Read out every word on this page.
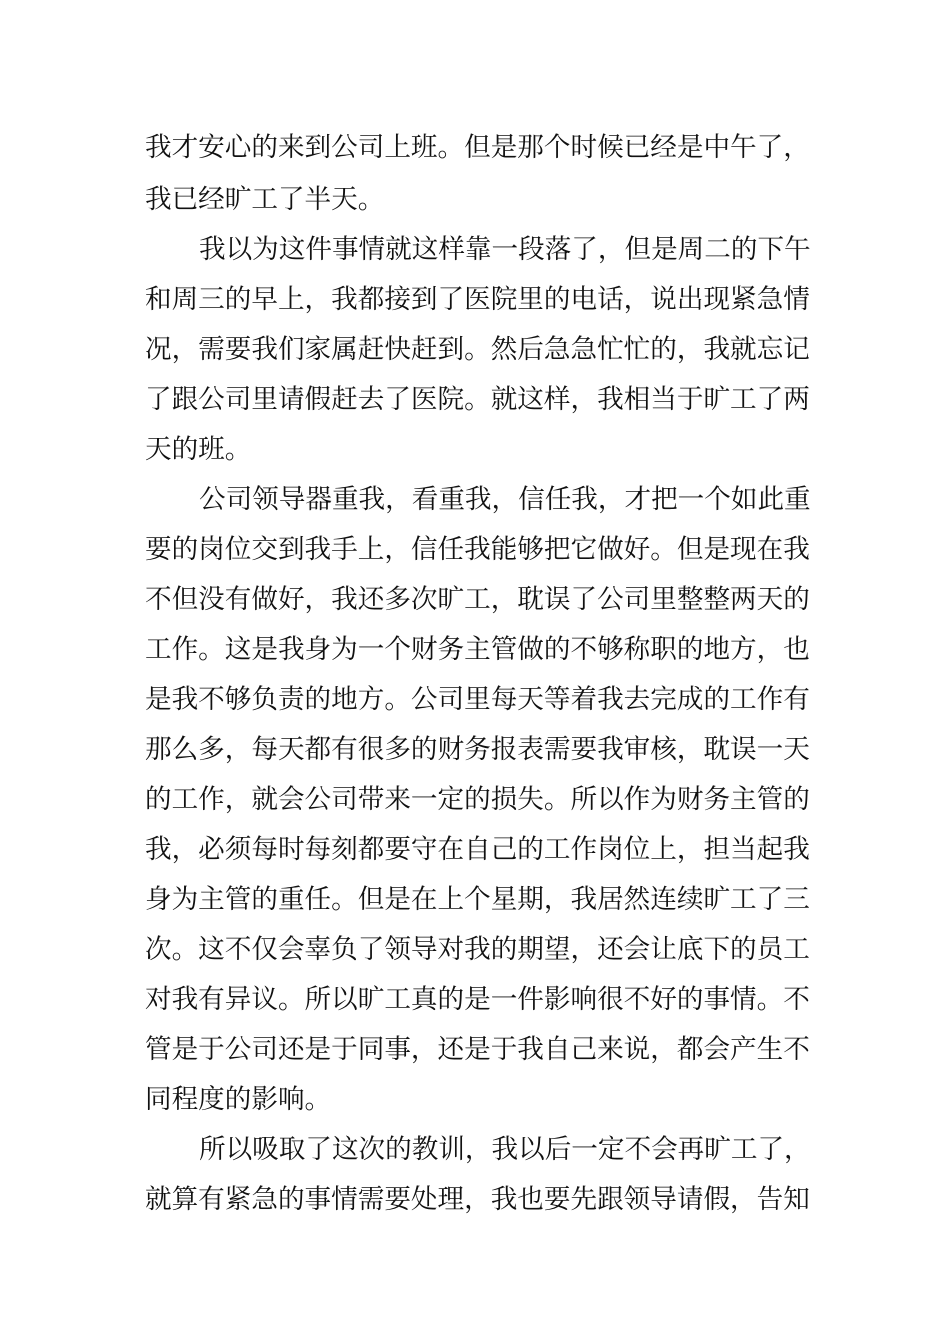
我才安心的来到公司上班。但是那个时候已经是中午了，
我已经旷工了半天。
我以为这件事情就这样靠一段落了，但是周二的下午
和周三的早上，我都接到了医院里的电话，说出现紧急情
况，需要我们家属赶快赶到。然后急急忙忙的，我就忘记
了跟公司里请假赶去了医院。就这样，我相当于旷工了两
天的班。
公司领导器重我，看重我，信任我，才把一个如此重
要的岗位交到我手上，信任我能够把它做好。但是现在我
不但没有做好，我还多次旷工，耽误了公司里整整两天的
工作。这是我身为一个财务主管做的不够称职的地方，也
是我不够负责的地方。公司里每天等着我去完成的工作有
那么多，每天都有很多的财务报表需要我审核，耽误一天
的工作，就会公司带来一定的损失。所以作为财务主管的
我，必须每时每刻都要守在自己的工作岗位上，担当起我
身为主管的重任。但是在上个星期，我居然连续旷工了三
次。这不仅会辜负了领导对我的期望，还会让底下的员工
对我有异议。所以旷工真的是一件影响很不好的事情。不
管是于公司还是于同事，还是于我自己来说，都会产生不
同程度的影响。
所以吸取了这次的教训，我以后一定不会再旷工了，
就算有紧急的事情需要处理，我也要先跟领导请假，告知
